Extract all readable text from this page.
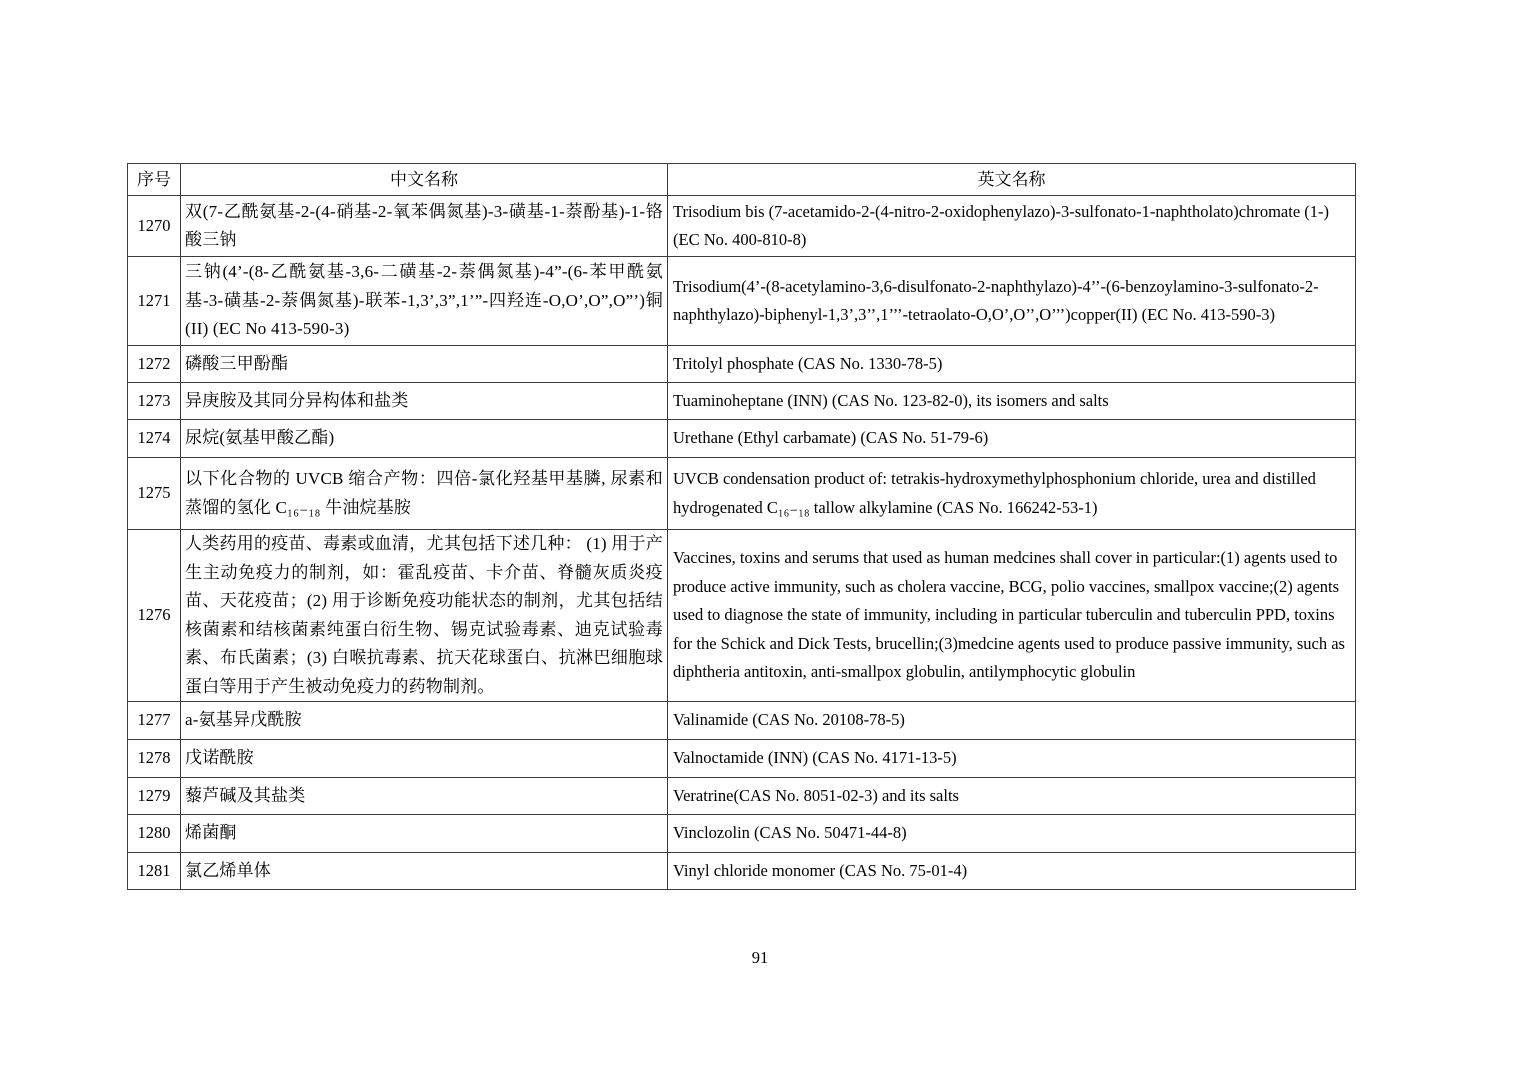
序号	中文名称	英文名称
1270	双(7-乙酰氨基-2-(4-硝基-2-氧苯偶氮基)-3-磺基-1-萘酚基)-1-铬酸三钠	Trisodium bis (7-acetamido-2-(4-nitro-2-oxidophenylazo)-3-sulfonato-1-naphtholato)chromate (1-) (EC No. 400-810-8)
1271	三钠(4’-(8-乙酰氨基-3,6-二磺基-2-萘偶氮基)-4”-(6-苯甲酰氨基-3-磺基-2-萘偶氮基)-联苯-1,3’,3”,1’”-四羟连-O,O’,O”,O”’)铜(II) (EC No 413-590-3)	Trisodium(4’-(8-acetylamino-3,6-disulfonato-2-naphthylazo)-4’’-(6-benzoylamino-3-sulfonato-2-naphthylazo)-biphenyl-1,3’,3’’,1’’’-tetraolato-O,O’,O’’,O’’’)copper(II) (EC No. 413-590-3)
1272	磷酸三甲酚酯	Tritolyl phosphate (CAS No. 1330-78-5)
1273	异庚胺及其同分异构体和盐类	Tuaminoheptane (INN) (CAS No. 123-82-0), its isomers and salts
1274	尿烷(氨基甲酸乙酯)	Urethane (Ethyl carbamate) (CAS No. 51-79-6)
1275	以下化合物的 UVCB 缩合产物：四倍-氯化羟基甲基膦, 尿素和蒸馏的氢化 C₁₆₋₁₈ 牛油烷基胺	UVCB condensation product of: tetrakis-hydroxymethylphosphonium chloride, urea and distilled hydrogenated C₁₆₋₁₈ tallow alkylamine (CAS No. 166242-53-1)
1276	人类药用的疫苗、毒素或血清，尤其包括下述几种： (1) 用于产生主动免疫力的制剂，如：霍乱疫苗、卡介苗、脊髓灰质炎疫苗、天花疫苗；(2) 用于诊断免疫功能状态的制剂，尤其包括结核菌素和结核菌素纯蛋白衍生物、锡克试验毒素、迪克试验毒素、布氏菌素；(3) 白喉抗毒素、抗天花球蛋白、抗淋巴细胞球蛋白等用于产生被动免疫力的药物制剂。	Vaccines, toxins and serums that used as human medcines shall cover in particular:(1) agents used to produce active immunity, such as cholera vaccine, BCG, polio vaccines, smallpox vaccine;(2) agents used to diagnose the state of immunity, including in particular tuberculin and tuberculin PPD, toxins for the Schick and Dick Tests, brucellin;(3)medcine agents used to produce passive immunity, such as diphtheria antitoxin, anti-smallpox globulin, antilymphocytic globulin
1277	a-氨基异戊酰胺	Valinamide (CAS No. 20108-78-5)
1278	戊诺酰胺	Valnoctamide (INN) (CAS No. 4171-13-5)
1279	藜芦碱及其盐类	Veratrine(CAS No. 8051-02-3) and its salts
1280	烯菌酮	Vinclozolin (CAS No. 50471-44-8)
1281	氯乙烯单体	Vinyl chloride monomer (CAS No. 75-01-4)
91
